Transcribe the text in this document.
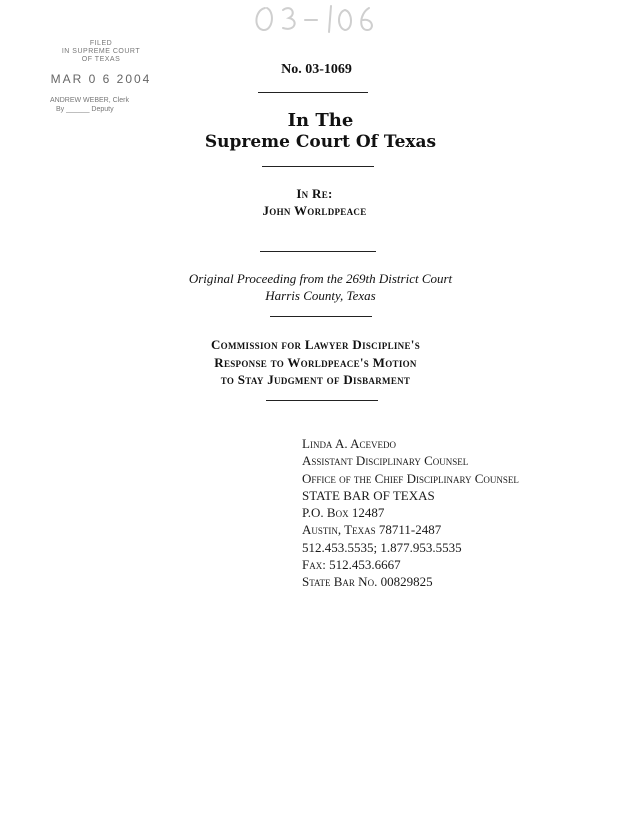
FILED
IN SUPREME COURT
OF TEXAS
MAR 0 6 2004
ANDREW WEBER, Clerk
By ______ Deputy
No. 03-1069
In The
Supreme Court Of Texas
In Re:
John Worldpeace
Original Proceeding from the 269th District Court
Harris County, Texas
Commission for Lawyer Discipline's
Response to Worldpeace's Motion
to Stay Judgment of Disbarment
Linda A. Acevedo
Assistant Disciplinary Counsel
Office of the Chief Disciplinary Counsel
STATE BAR OF TEXAS
P.O. Box 12487
Austin, Texas 78711-2487
512.453.5535; 1.877.953.5535
Fax: 512.453.6667
State Bar No. 00829825
